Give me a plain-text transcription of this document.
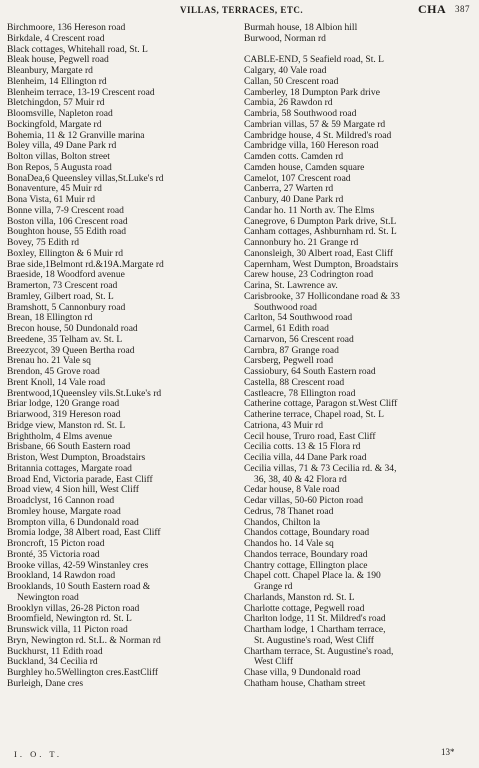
VILLAS, TERRACES, ETC.	CHA 387
Birchmoore, 136 Hereson road
Birkdale, 4 Crescent road
Black cottages, Whitehall road, St. L
Bleak house, Pegwell road
Bleanbury, Margate rd
Blenheim, 14 Ellington rd
Blenheim terrace, 13-19 Crescent road
Bletchingdon, 57 Muir rd
Bloomsville, Napleton road
Bockingfold, Margate rd
Bohemia, 11 & 12 Granville marina
Boley villa, 49 Dane Park rd
Bolton villas, Bolton street
Bon Repos, 5 Augusta road
BonaDea,6 Queensley villas,St.Luke's rd
Bonaventure, 45 Muir rd
Bona Vista, 61 Muir rd
Bonne villa, 7-9 Crescent road
Boston villa, 106 Crescent road
Boughton house, 55 Edith road
Bovey, 75 Edith rd
Boxley, Ellington & 6 Muir rd
Brae side,1Belmont rd.&19A.Margate rd
Braeside, 18 Woodford avenue
Bramerton, 73 Crescent road
Bramley, Gilbert road, St. L
Bramshott, 5 Cannonbury road
Brean, 18 Ellington rd
Brecon house, 50 Dundonald road
Breedene, 35 Telham av. St. L
Breezycot, 39 Queen Bertha road
Brenau ho. 21 Vale sq
Brendon, 45 Grove road
Brent Knoll, 14 Vale road
Brentwood,1Queensley vils.St.Luke's rd
Briar lodge, 120 Grange road
Briarwood, 319 Hereson road
Bridge view, Manston rd. St. L
Brightholm, 4 Elms avenue
Brisbane, 66 South Eastern road
Briston, West Dumpton, Broadstairs
Britannia cottages, Margate road
Broad End, Victoria parade, East Cliff
Broad view, 4 Sion hill, West Cliff
Broadclyst, 16 Cannon road
Bromley house, Margate road
Brompton villa, 6 Dundonald road
Bromia lodge, 38 Albert road, East Cliff
Broncroft, 15 Picton road
Bronté, 35 Victoria road
Brooke villas, 42-59 Winstanley cres
Brookland, 14 Rawdon road
Brooklands, 10 South Eastern road &
Newington road
Brooklyn villas, 26-28 Picton road
Broomfield, Newington rd. St. L
Brunswick villa, 11 Picton road
Bryn, Newington rd. St.L. & Norman rd
Buckhurst, 11 Edith road
Buckland, 34 Cecilia rd
Burghley ho.5Wellington cres.EastCliff
Burleigh, Dane cres
Burmah house, 18 Albion hill
Burwood, Norman rd

CABLE-END, 5 Seafield road, St. L
Calgary, 40 Vale road
Callan, 50 Crescent road
Camberley, 18 Dumpton Park drive
Cambia, 26 Rawdon rd
Cambria, 58 Southwood road
Cambrian villas, 57 & 59 Margate rd
Cambridge house, 4 St. Mildred's road
Cambridge villa, 160 Hereson road
Camden cotts. Camden rd
Camden house, Camden square
Camelot, 107 Crescent road
Canberra, 27 Warten rd
Canbury, 40 Dane Park rd
Candar ho. 11 North av. The Elms
Canegrove, 6 Dumpton Park drive, St.L
Canham cottages, Ashburnham rd. St. L
Cannonbury ho. 21 Grange rd
Canonsleigh, 30 Albert road, East Cliff
Capernham, West Dumpton, Broadstairs
Carew house, 23 Codrington road
Carina, St. Lawrence av.
Carisbrooke, 37 Hollicondane road & 33
Southwood road
Carlton, 54 Southwood road
Carmel, 61 Edith road
Carnarvon, 56 Crescent road
Carnbra, 87 Grange road
Carsberg, Pegwell road
Cassiobury, 64 South Eastern road
Castella, 88 Crescent road
Castleacre, 78 Ellington road
Catherine cottage, Paragon st.West Cliff
Catherine terrace, Chapel road, St. L
Catriona, 43 Muir rd
Cecil house, Truro road, East Cliff
Cecilia cotts. 13 & 15 Flora rd
Cecilia villa, 44 Dane Park road
Cecilia villas, 71 & 73 Cecilia rd. & 34,
36, 38, 40 & 42 Flora rd
Cedar house, 8 Vale road
Cedar villas, 50-60 Picton road
Cedrus, 78 Thanet road
Chandos, Chilton la
Chandos cottage, Boundary road
Chandos ho. 14 Vale sq
Chandos terrace, Boundary road
Chantry cottage, Ellington place
Chapel cott. Chapel Place la. & 190
Grange rd
Charlands, Manston rd. St. L
Charlotte cottage, Pegwell road
Charlton lodge, 11 St. Mildred's road
Chartham lodge, 1 Chartham terrace,
St. Augustine's road, West Cliff
Chartham terrace, St. Augustine's road,
West Cliff
Chase villa, 9 Dundonald road
Chatham house, Chatham street
I. O. T.	13*
